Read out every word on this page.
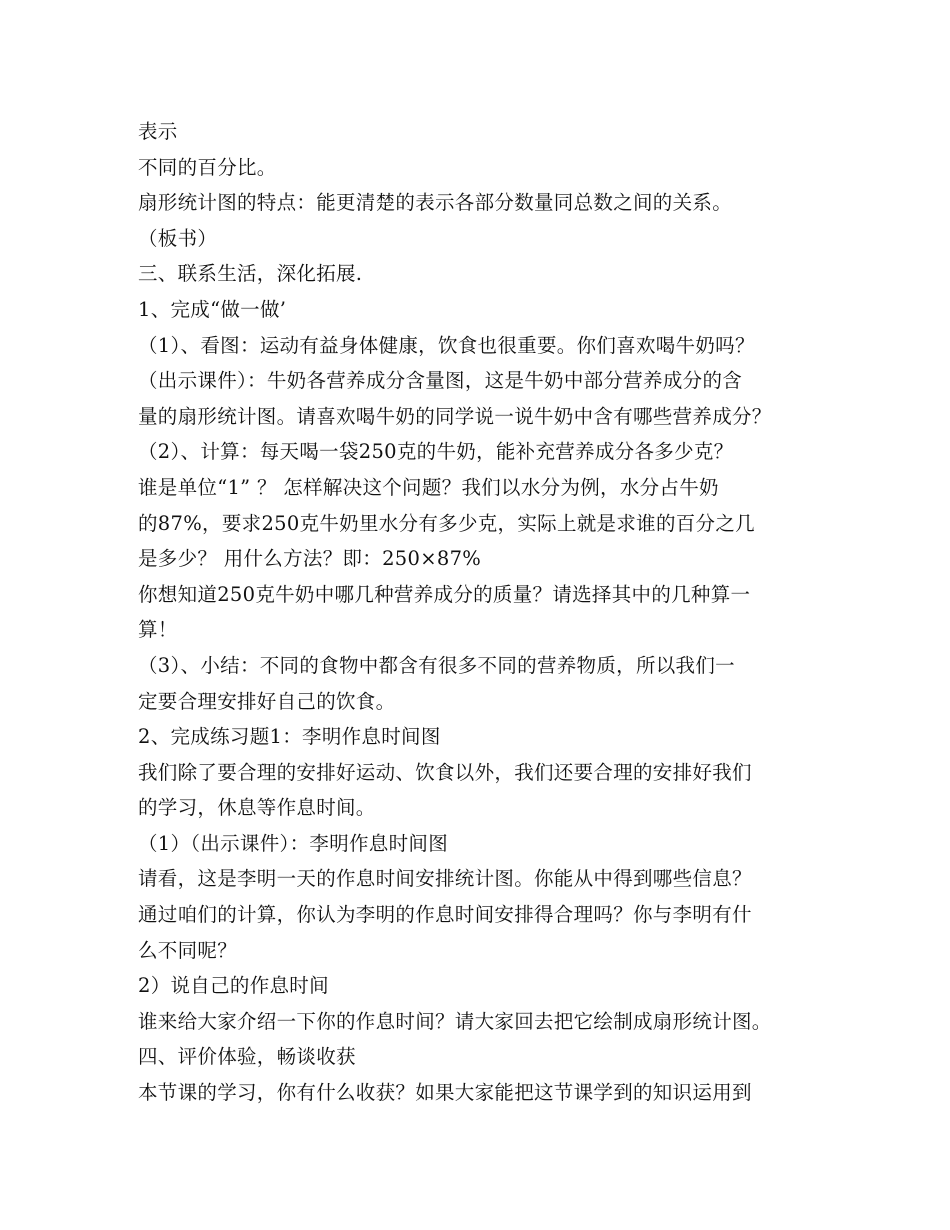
表示
不同的百分比。
扇形统计图的特点：能更清楚的表示各部分数量同总数之间的关系。
（板书）
三、联系生活，深化拓展.
1、完成“做一做’
（1）、看图：运动有益身体健康，饮食也很重要。你们喜欢喝牛奶吗？
（出示课件）：牛奶各营养成分含量图，这是牛奶中部分营养成分的含
量的扇形统计图。请喜欢喝牛奶的同学说一说牛奶中含有哪些营养成分？
（2）、计算：每天喝一袋250克的牛奶，能补充营养成分各多少克？
谁是单位“1” ？ 怎样解决这个问题？我们以水分为例，水分占牛奶
的87%，要求250克牛奶里水分有多少克，实际上就是求谁的百分之几
是多少？ 用什么方法？即：250×87%
你想知道250克牛奶中哪几种营养成分的质量？请选择其中的几种算一
算！
（3）、小结：不同的食物中都含有很多不同的营养物质，所以我们一
定要合理安排好自己的饮食。
2、完成练习题1：李明作息时间图
我们除了要合理的安排好运动、饮食以外，我们还要合理的安排好我们
的学习，休息等作息时间。
（1）（出示课件）：李明作息时间图
请看，这是李明一天的作息时间安排统计图。你能从中得到哪些信息？
通过咱们的计算，你认为李明的作息时间安排得合理吗？你与李明有什
么不同呢？
2）说自己的作息时间
谁来给大家介绍一下你的作息时间？请大家回去把它绘制成扇形统计图。
四、评价体验，畅谈收获
本节课的学习，你有什么收获？如果大家能把这节课学到的知识运用到
